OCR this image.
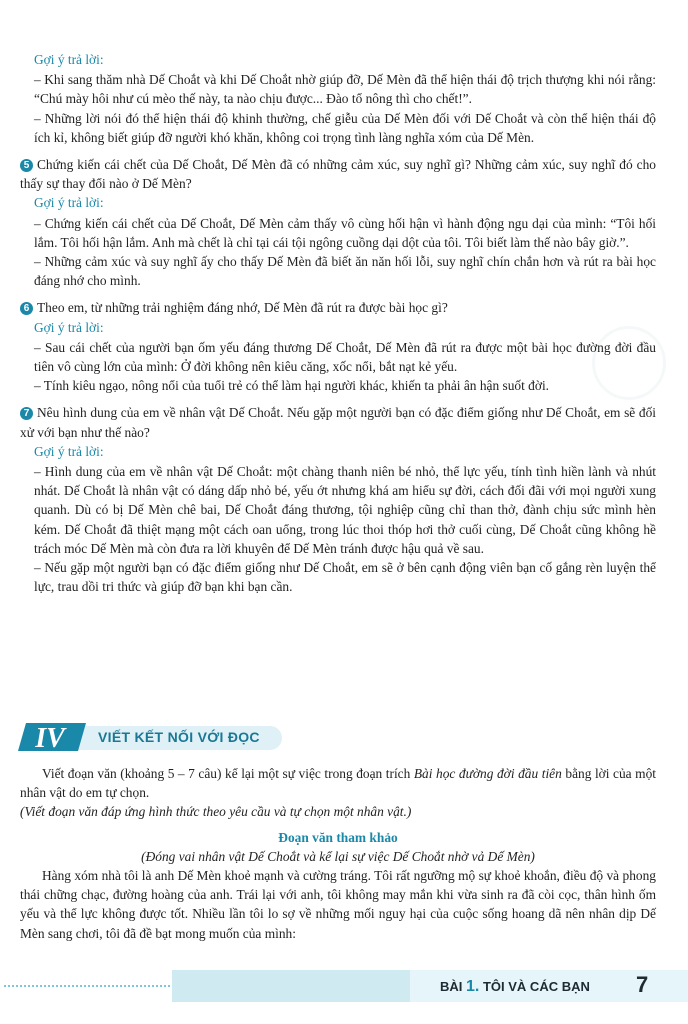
Gợi ý trả lời:
– Khi sang thăm nhà Dế Choắt và khi Dế Choắt nhờ giúp đỡ, Dế Mèn đã thể hiện thái độ trịch thượng khi nói rằng: “Chú mày hôi như cú mèo thế này, ta nào chịu được... Đào tổ nông thì cho chết!”.
– Những lời nói đó thể hiện thái độ khinh thường, chế giễu của Dế Mèn đối với Dế Choắt và còn thể hiện thái độ ích kỉ, không biết giúp đỡ người khó khăn, không coi trọng tình làng nghĩa xóm của Dế Mèn.
5 Chứng kiến cái chết của Dế Choắt, Dế Mèn đã có những cảm xúc, suy nghĩ gì? Những cảm xúc, suy nghĩ đó cho thấy sự thay đổi nào ở Dế Mèn?
Gợi ý trả lời:
– Chứng kiến cái chết của Dế Choắt, Dế Mèn cảm thấy vô cùng hối hận vì hành động ngu dại của mình: “Tôi hối lắm. Tôi hối hận lắm. Anh mà chết là chỉ tại cái tội ngông cuồng dại dột của tôi. Tôi biết làm thế nào bây giờ.”.
– Những cảm xúc và suy nghĩ ấy cho thấy Dế Mèn đã biết ăn năn hối lỗi, suy nghĩ chín chắn hơn và rút ra bài học đáng nhớ cho mình.
6 Theo em, từ những trải nghiệm đáng nhớ, Dế Mèn đã rút ra được bài học gì?
Gợi ý trả lời:
– Sau cái chết của người bạn ốm yếu đáng thương Dế Choắt, Dế Mèn đã rút ra được một bài học đường đời đầu tiên vô cùng lớn của mình: Ở đời không nên kiêu căng, xốc nổi, bắt nạt kẻ yếu.
– Tính kiêu ngạo, nông nổi của tuổi trẻ có thể làm hại người khác, khiến ta phải ân hận suốt đời.
7 Nêu hình dung của em về nhân vật Dế Choắt. Nếu gặp một người bạn có đặc điểm giống như Dế Choắt, em sẽ đối xử với bạn như thế nào?
Gợi ý trả lời:
– Hình dung của em về nhân vật Dế Choắt: một chàng thanh niên bé nhỏ, thể lực yếu, tính tình hiền lành và nhút nhát. Dế Choắt là nhân vật có dáng dấp nhỏ bé, yếu ớt nhưng khá am hiểu sự đời, cách đối đãi với mọi người xung quanh. Dù có bị Dế Mèn chê bai, Dế Choắt đáng thương, tội nghiệp cũng chỉ than thở, đành chịu sức mình hèn kém. Dế Choắt đã thiệt mạng một cách oan uổng, trong lúc thoi thóp hơi thở cuối cùng, Dế Choắt cũng không hề trách móc Dế Mèn mà còn đưa ra lời khuyên để Dế Mèn tránh được hậu quả về sau.
– Nếu gặp một người bạn có đặc điểm giống như Dế Choắt, em sẽ ở bên cạnh động viên bạn cố gắng rèn luyện thể lực, trau dồi tri thức và giúp đỡ bạn khi bạn cần.
IV VIẾT KẾT NỐI VỚI ĐỌC
Viết đoạn văn (khoảng 5 – 7 câu) kể lại một sự việc trong đoạn trích Bài học đường đời đầu tiên bằng lời của một nhân vật do em tự chọn.
(Viết đoạn văn đáp ứng hình thức theo yêu cầu và tự chọn một nhân vật.)
Đoạn văn tham khảo
(Đóng vai nhân vật Dế Choắt và kể lại sự việc Dế Choắt nhờ vả Dế Mèn)
Hàng xóm nhà tôi là anh Dế Mèn khoẻ mạnh và cường tráng. Tôi rất ngưỡng mộ sự khoẻ khoắn, điều độ và phong thái chững chạc, đường hoàng của anh. Trái lại với anh, tôi không may mắn khi vừa sinh ra đã còi cọc, thân hình ốm yếu và thể lực không được tốt. Nhiều lần tôi lo sợ về những mối nguy hại của cuộc sống hoang dã nên nhân dịp Dế Mèn sang chơi, tôi đã đề bạt mong muốn của mình:
BÀI 1. TÔI VÀ CÁC BẠN 7
